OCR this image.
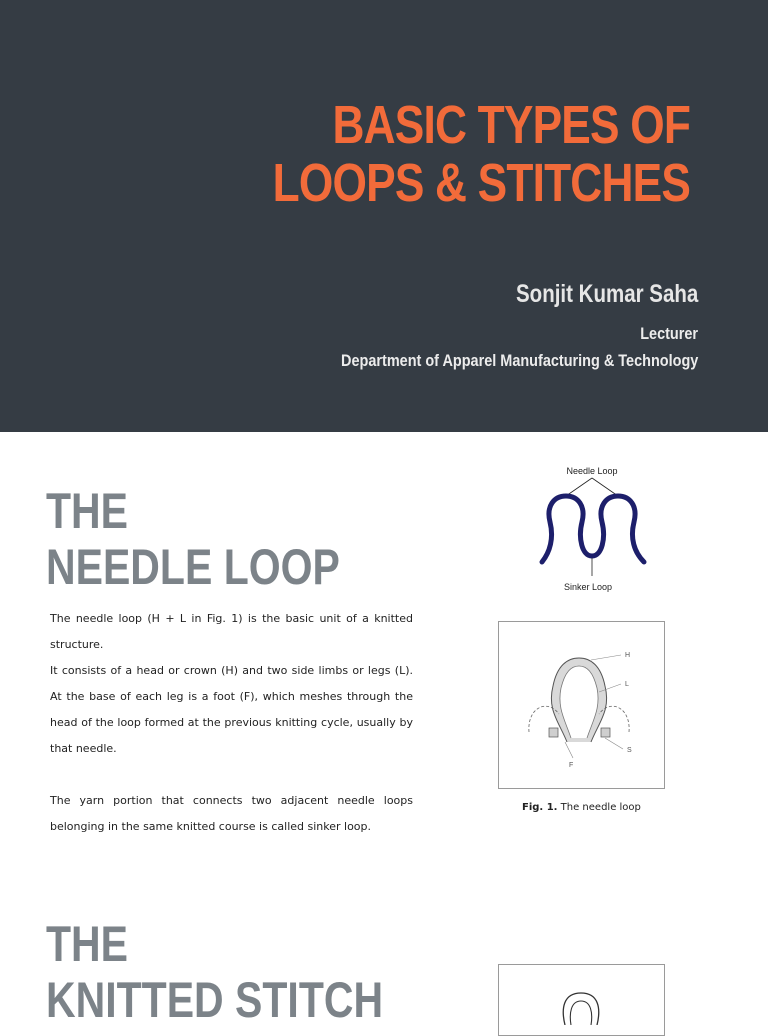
BASIC TYPES OF
LOOPS & STITCHES
Sonjit Kumar Saha
Lecturer
Department of Apparel Manufacturing & Technology
THE
NEEDLE LOOP

The needle loop (H + L in Fig. 1) is the basic unit of a knitted structure.
It consists of a head or crown (H) and two side limbs or legs (L). At the base of each leg is a foot (F), which meshes through the head of the loop formed at the previous knitting cycle, usually by that needle.

The yarn portion that connects two adjacent needle loops belonging in the same knitted course is called sinker loop.

Needle Loop
Sinker Loop
H
L
S
F
Fig. 1. The needle loop
THE
KNITTED STITCH
